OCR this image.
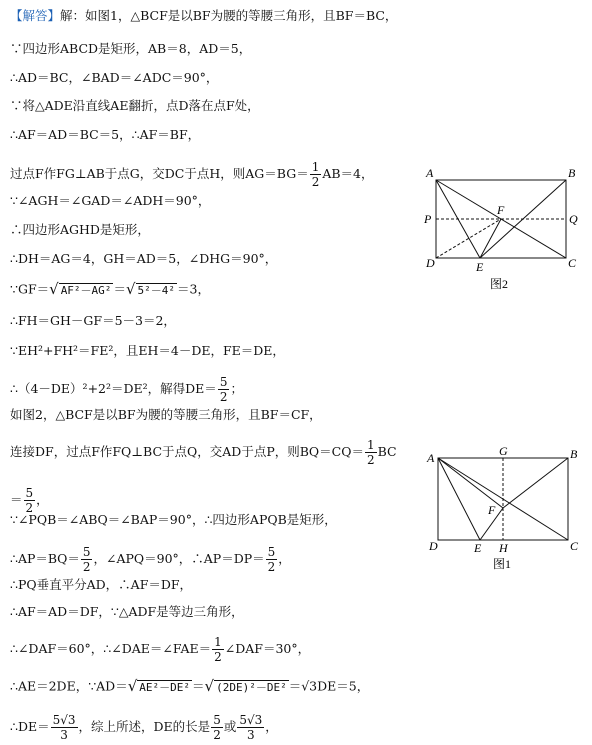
【解答】解：如图1，△BCF是以BF为腰的等腰三角形，且BF＝BC，
∵四边形ABCD是矩形，AB＝8，AD＝5，
∴AD＝BC，∠BAD＝∠ADC＝90°，
∵将△ADE沿直线AE翻折，点D落在点F处，
∴AF＝AD＝BC＝5，∴AF＝BF，
过点F作FG⊥AB于点G，交DC于点H，则$AG=BG= \frac{1}{2} AB=4$，
∵∠AGH＝∠GAD＝∠ADH＝90°，
∴四边形AGHD是矩形，
∴DH＝AG＝4，GH＝AD＝5，∠DHG＝90°，
∵GF＝√ AF²－AG² ＝√ 5²－4² ＝3，
∴FH＝GH－GF＝5－3＝2，
∵EH²+FH²＝FE²，且EH＝4－DE，FE＝DE，
∴（4－DE）²+2²＝DE²，解得$DE= \frac{5}{2}$ ；
如图2，△BCF是以BF为腰的等腰三角形，且BF＝CF，
连接DF，过点F作FQ⊥BC于点Q，交AD于点P，则$BQ=CQ= \frac{1}{2}$ BC
＝ $\frac{5}{2}$ ，
∵∠PQB＝∠ABQ＝∠BAP＝90°，∴四边形APQB是矩形，
∴AP＝BQ＝ $\frac{5}{2}$ ，∠APQ＝90°，∴AP＝DP＝ $\frac{5}{2}$ ，
∴PQ垂直平分AD，∴AF＝DF，
∴AF＝AD＝DF，∵△ADF是等边三角形，
∴∠DAF＝60°，∴∠DAE＝∠FAE＝ $\frac{1}{2}$ ∠DAF＝30°，
∴AE＝2DE，∵AD＝√ AE²－DE² ＝√ (2DE)²－DE² ＝√3DE＝5，
∴DE＝ $\frac{5√3}{3}$ ，综上所述，DE的长是 $\frac{5}{2}$ 或 $\frac{5√3}{3}$ ，
A	B
C
D	E
F
P	Q
图2
A	B
C
D	E
F
G
H
图1
